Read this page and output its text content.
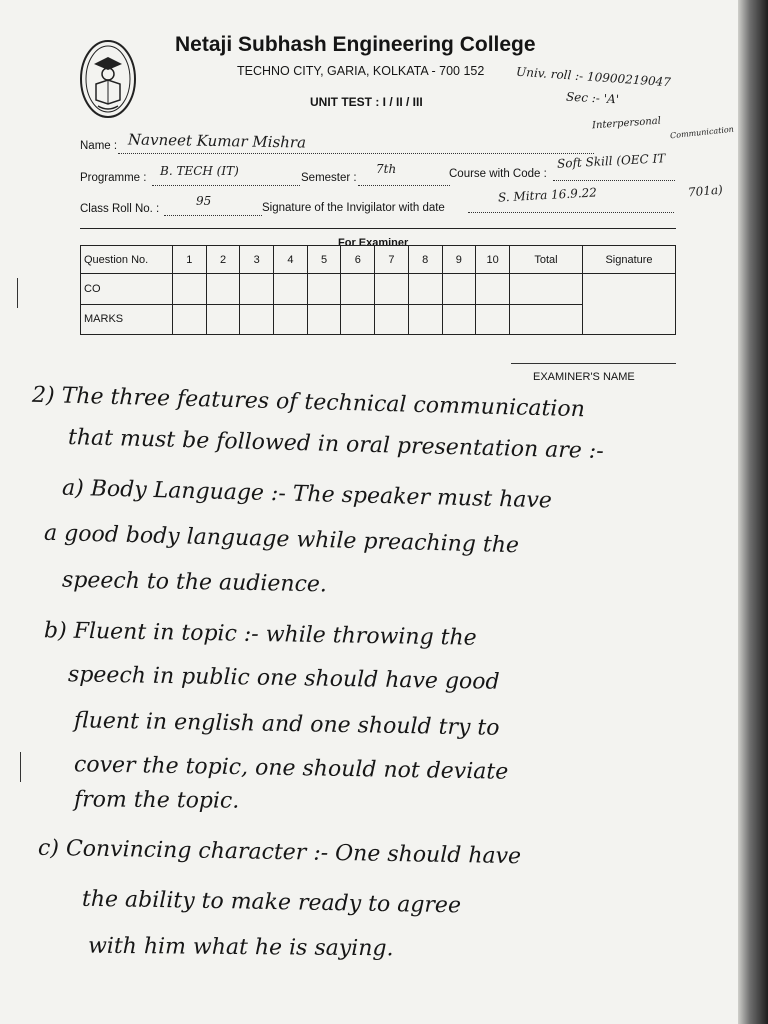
Netaji Subhash Engineering College
TECHNO CITY, GARIA, KOLKATA - 700 152
UNIT TEST : I / II / III
Univ. roll :- 10900219047
Sec :- 'A'
Name : Navneet Kumar Mishra
Interpersonal
Communication
Programme : B. TECH (IT)	Semester :
7th	Course with Code :
Soft Skill (OEC IT
Class Roll No. :
95	Signature of the Invigilator with date
S. Mitra 16.9.22	701a)
For Examiner
Question No.	1	2	3	4	5	6	7	8	9	10	Total	Signature
CO												
MARKS												
EXAMINER'S NAME
2) The three features of technical communication
that must be followed in oral presentation are :-
a) Body Language :- The speaker must have
a good body language while preaching the
speech to the audience.
b) Fluent in topic :- while throwing the
speech in public one should have good
fluent in english and one should try to
cover the topic, one should not deviate
from the topic.
c) Convincing character :- One should have
the ability to make ready to agree
with him what he is saying.
